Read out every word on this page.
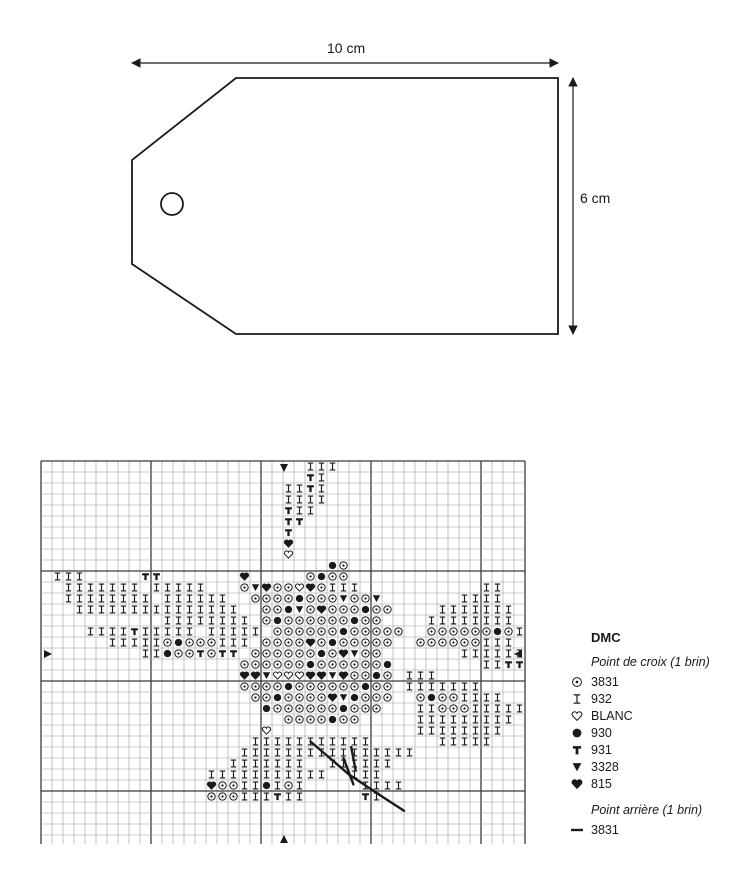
10 cm
6 cm
DMC
Point de croix (1 brin)
3831
932
BLANC
930
931
3328
815
Point arrière (1 brin)
3831
